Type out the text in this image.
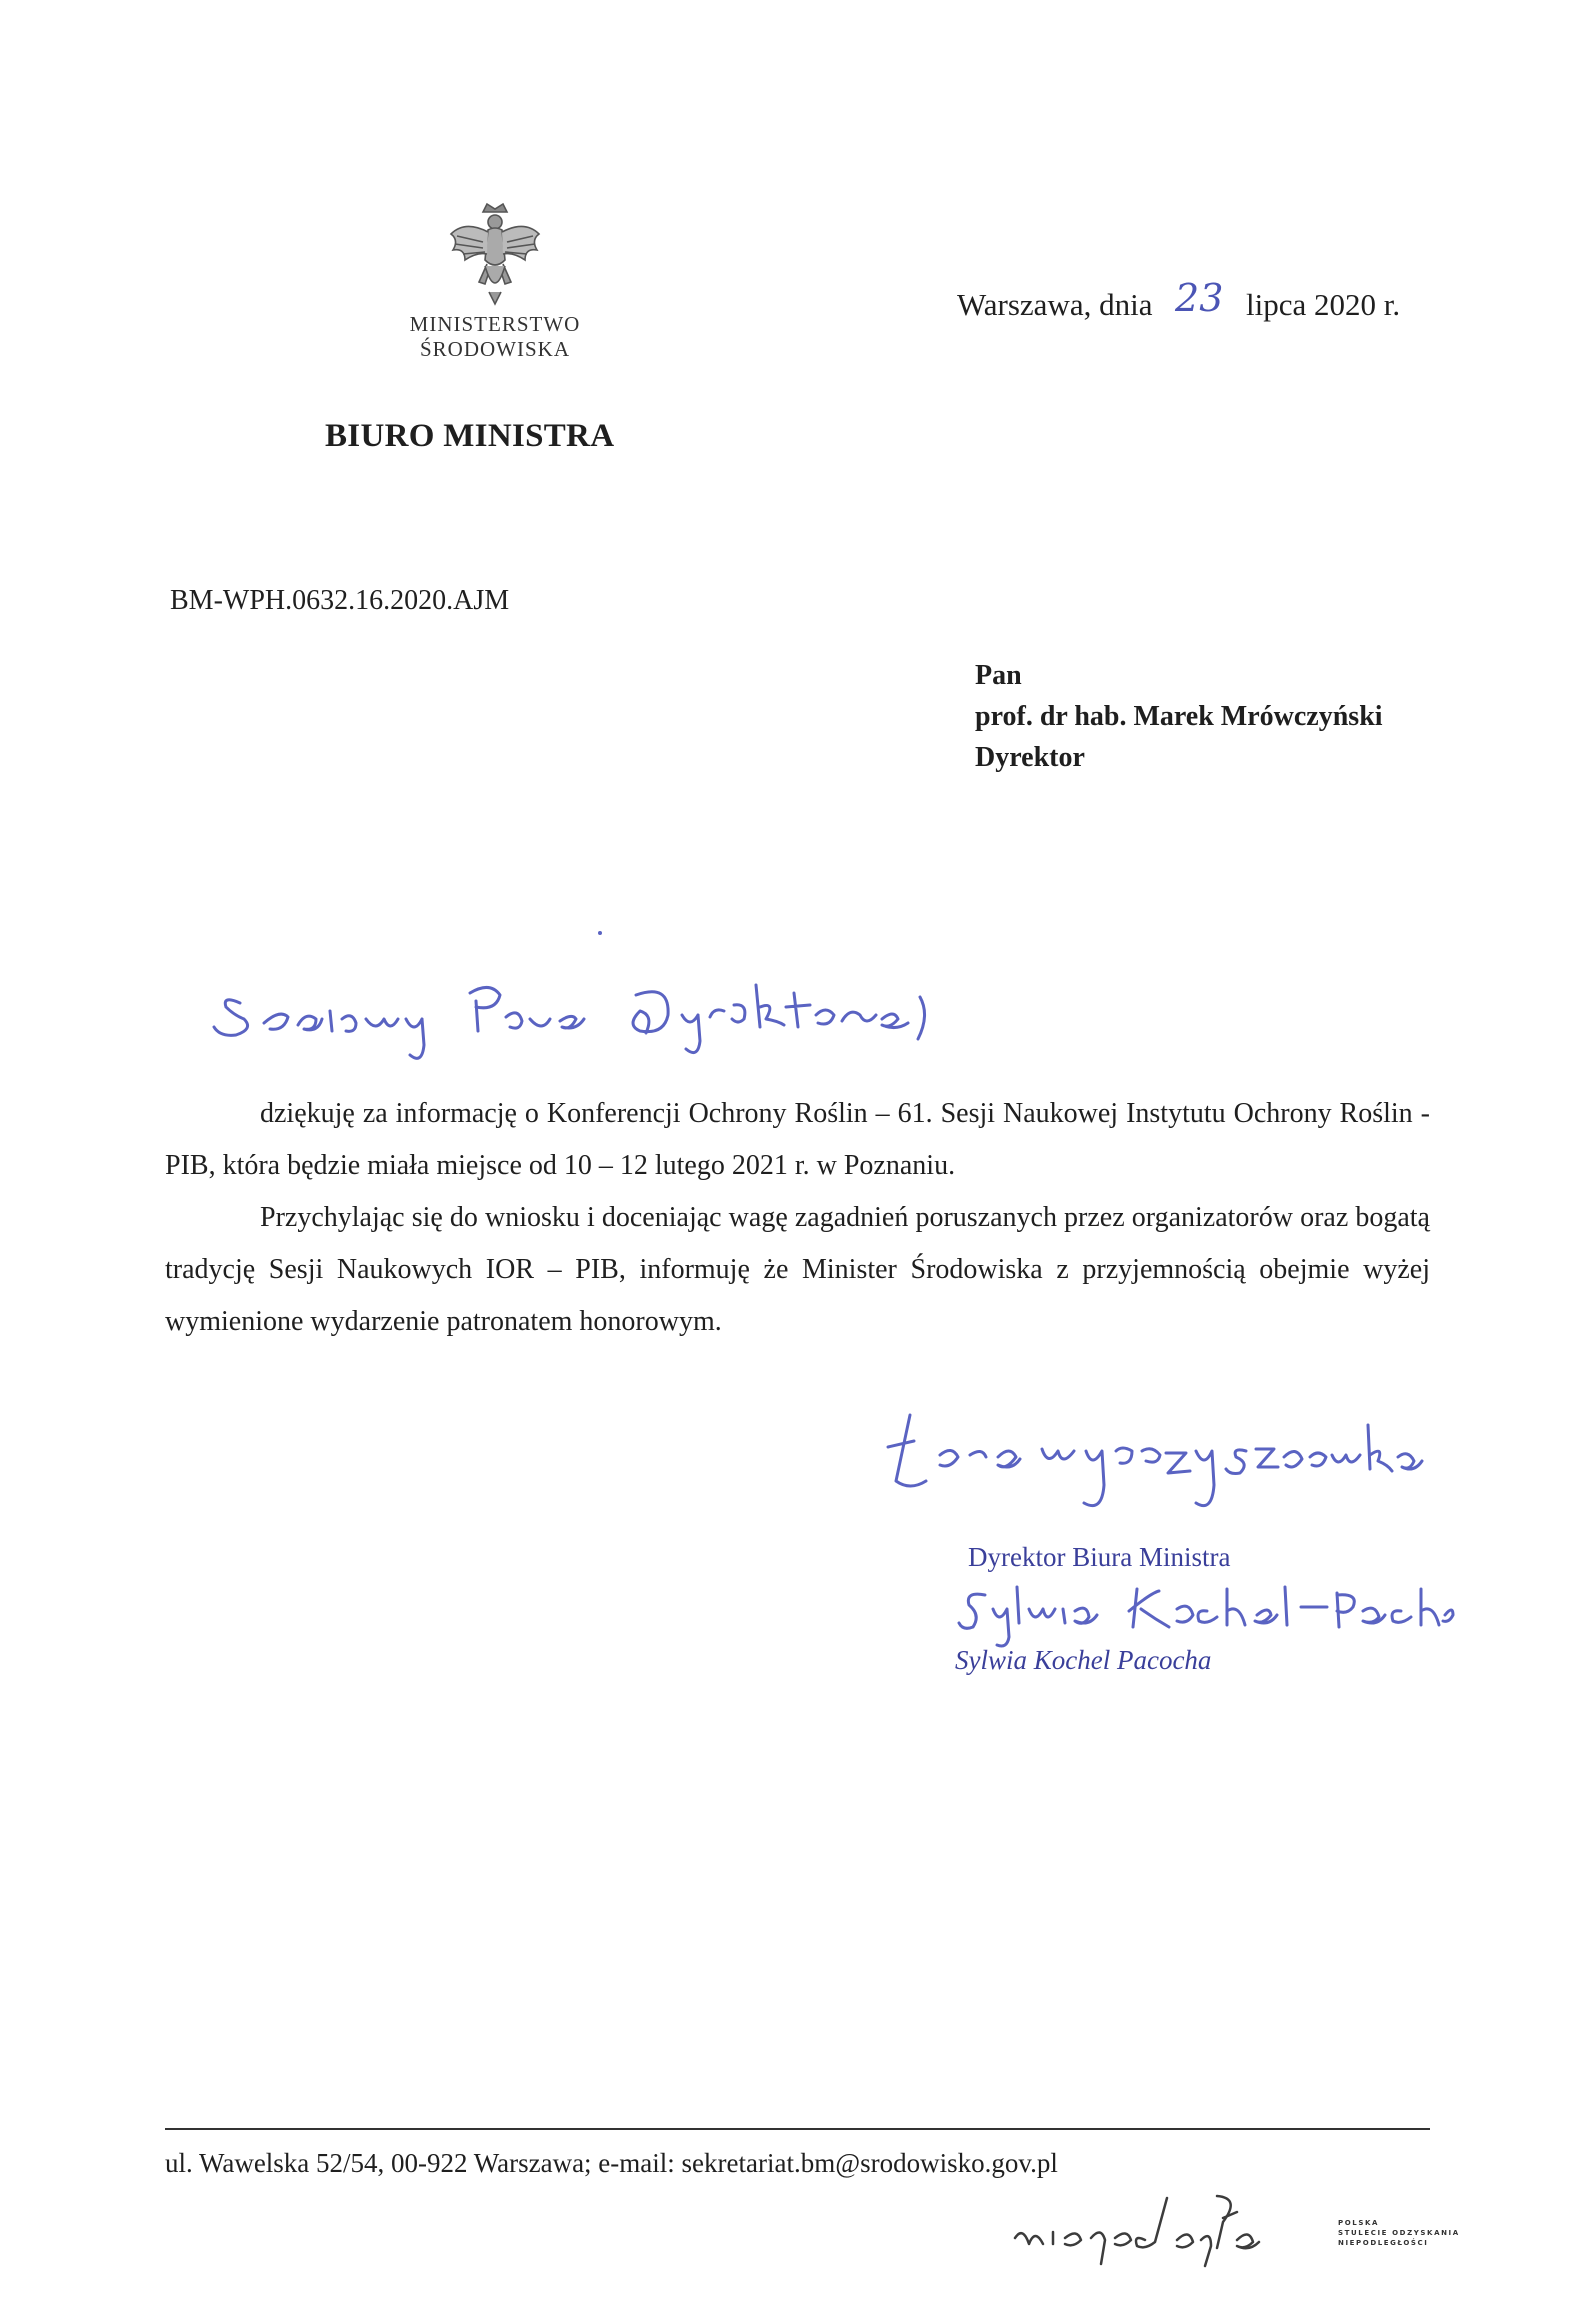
MINISTERSTWO
ŚRODOWISKA
Warszawa, dnia 23 lipca 2020 r.
BIURO MINISTRA
BM-WPH.0632.16.2020.AJM
Pan
prof. dr hab. Marek Mrówczyński
Dyrektor

dziękuję za informację o Konferencji Ochrony Roślin – 61. Sesji Naukowej Instytutu Ochrony Roślin - PIB, która będzie miała miejsce od 10 – 12 lutego 2021 r. w Poznaniu.

Przychylając się do wniosku i doceniając wagę zagadnień poruszanych przez organizatorów oraz bogatą tradycję Sesji Naukowych IOR – PIB, informuję że Minister Środowiska z przyjemnością obejmie wyżej wymienione wydarzenie patronatem honorowym.

Dyrektor Biura Ministra
Sylwia Kochel Pacocha
ul. Wawelska 52/54, 00-922 Warszawa; e-mail: sekretariat.bm@srodowisko.gov.pl
POLSKA
STULECIE ODZYSKANIA
NIEPODLEGŁOŚCI
